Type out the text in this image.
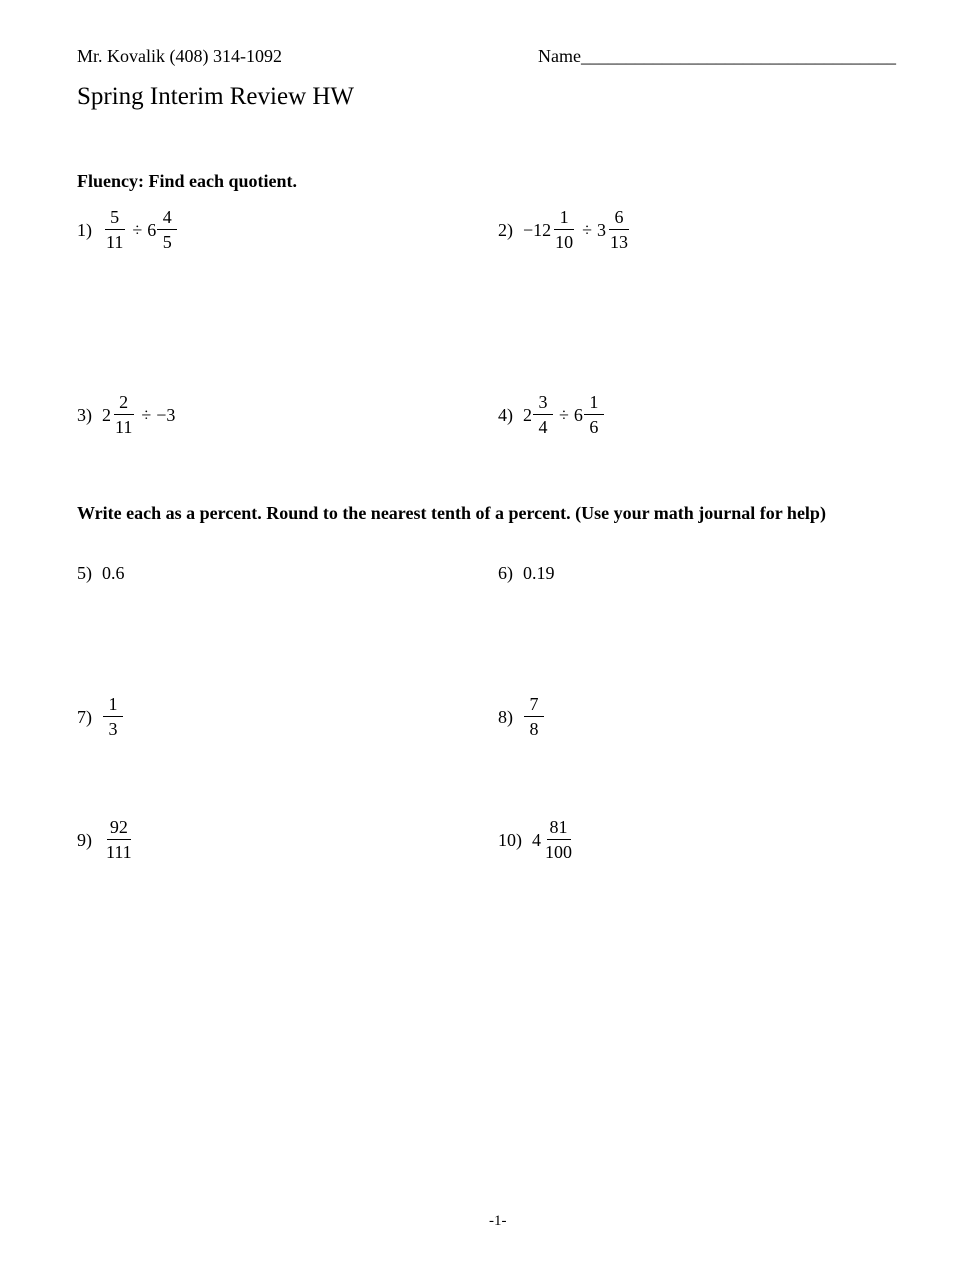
Mr. Kovalik (408) 314-1092	Name___________________________________
Spring Interim Review HW
Fluency: Find each quotient.
$1) \frac{5}{11} \div 6 \frac{4}{5}$	$2) -12 \frac{1}{10} \div 3 \frac{6}{13}$
3) $2 \frac{2}{11} \div -3$	4) $2 \frac{3}{4} \div 6 \frac{1}{6}$
Write each as a percent. Round to the nearest tenth of a percent. (Use your math journal for help)
5) 0.6	6) 0.19
$7) \frac{1}{3}$	$8) \frac{7}{8}$
$9) \frac{92}{111}$	10) $4 \frac{81}{100}$
-1-
